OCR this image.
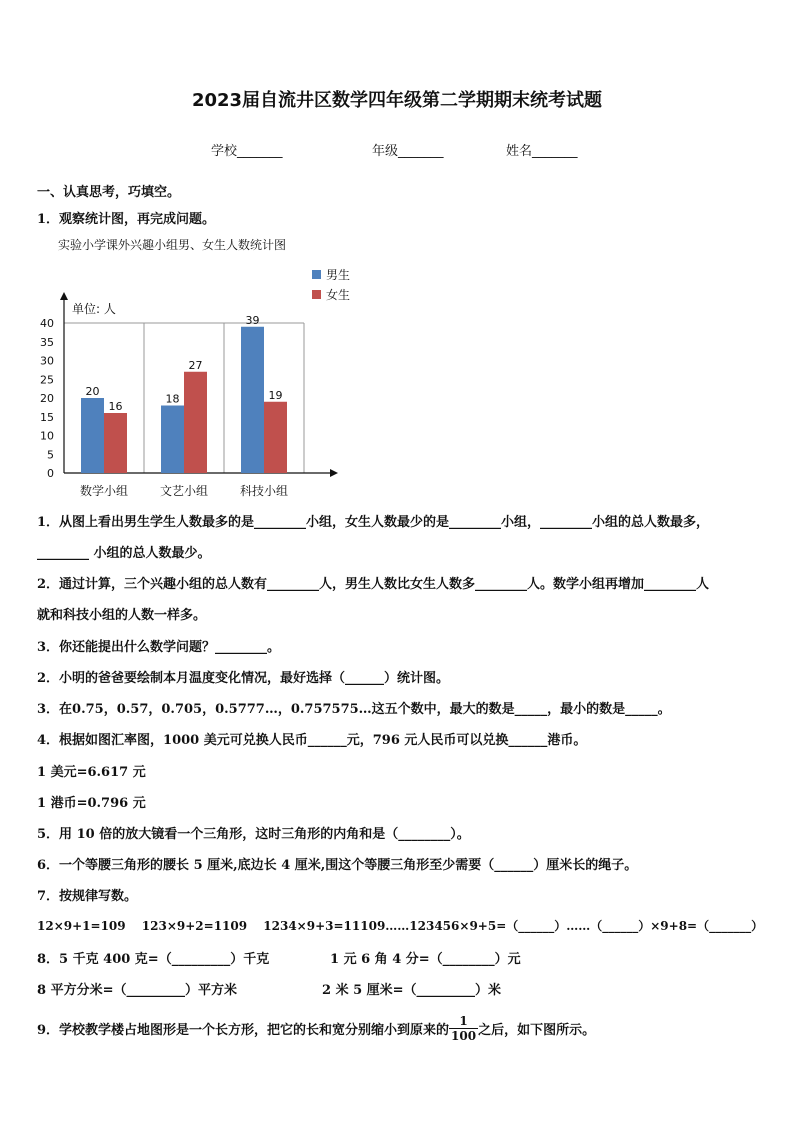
2023届自流井区数学四年级第二学期期末统考试题
学校_______	年级_______	姓名_______
一、认真思考，巧填空。
1．观察统计图，再完成问题。
实验小学课外兴趣小组男、女生人数统计图
0
5
10
15
20
25
30
35
40
20
16
数学小组
18
27
文艺小组
39
19
科技小组
男生
女生
单位: 人
1．从图上看出男生学生人数最多的是________小组，女生人数最少的是________小组，________小组的总人数最多，
________ 小组的总人数最少。
2．通过计算，三个兴趣小组的总人数有________人，男生人数比女生人数多________人。数学小组再增加________人
就和科技小组的人数一样多。
3．你还能提出什么数学问题？________。
2．小明的爸爸要绘制本月温度变化情况，最好选择（______）统计图。
3．在0.75，0.57，0.705，0.5777…，0.757575…这五个数中，最大的数是_____，最小的数是_____。
4．根据如图汇率图，1000 美元可兑换人民币______元，796 元人民币可以兑换______港币。
1 美元=6.617 元
1 港币=0.796 元
5．用 10 倍的放大镜看一个三角形，这时三角形的内角和是（________）。
6．一个等腰三角形的腰长 5 厘米,底边长 4 厘米,围这个等腰三角形至少需要（______）厘米长的绳子。
7．按规律写数。
12×9+1=109　 123×9+2=1109　 1234×9+3=11109……123456×9+5=（______）……（______）×9+8=（_______）
8．5 千克 400 克=（_________）千克	1 元 6 角 4 分=（________）元
8 平方分米=（_________）平方米	2 米 5 厘米=（_________）米
9．学校教学楼占地图形是一个长方形，把它的长和宽分别缩小到原来的 $\frac{1}{100}$ 之后，如下图所示。
